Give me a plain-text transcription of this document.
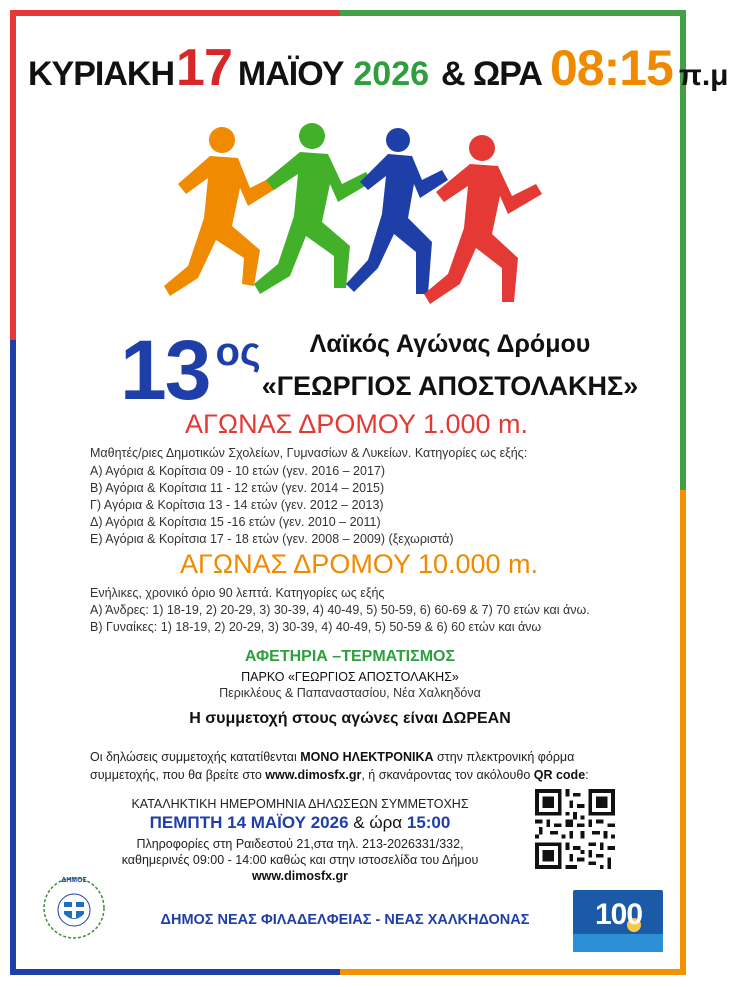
ΚΥΡΙΑΚΗ 17 ΜΑΪΟΥ 2026 & ΩΡΑ 08:15 π.μ
13 ος	Λαϊκός Αγώνας Δρόμου
«ΓΕΩΡΓΙΟΣ ΑΠΟΣΤΟΛΑΚΗΣ»
ΑΓΩΝΑΣ ΔΡΟΜΟΥ 1.000 m.
Μαθητές/ριες Δημοτικών Σχολείων, Γυμνασίων & Λυκείων. Κατηγορίες ως εξής:
Α) Αγόρια & Κορίτσια 09 - 10 ετών (γεν. 2016 – 2017)
Β) Αγόρια & Κορίτσια 11 - 12 ετών (γεν. 2014 – 2015)
Γ) Αγόρια & Κορίτσια 13 - 14 ετών (γεν. 2012 – 2013)
Δ) Αγόρια & Κορίτσια 15 -16 ετών (γεν. 2010 – 2011)
Ε) Αγόρια & Κορίτσια 17 - 18 ετών (γεν. 2008 – 2009) (ξεχωριστά)
ΑΓΩΝΑΣ ΔΡΟΜΟΥ 10.000 m.
Ενήλικες, χρονικό όριο 90 λεπτά. Κατηγορίες ως εξής
Α) Άνδρες: 1) 18-19, 2) 20-29, 3) 30-39, 4) 40-49, 5) 50-59, 6) 60-69 & 7) 70 ετών και άνω.
Β) Γυναίκες: 1) 18-19, 2) 20-29, 3) 30-39, 4) 40-49, 5) 50-59 & 6) 60 ετών και άνω
ΑΦΕΤΗΡΙΑ –ΤΕΡΜΑΤΙΣΜΟΣ
ΠΑΡΚΟ «ΓΕΩΡΓΙΟΣ ΑΠΟΣΤΟΛΑΚΗΣ»
Περικλέους & Παπαναστασίου, Νέα Χαλκηδόνα
Η συμμετοχή στους αγώνες είναι ΔΩΡΕΑΝ
Οι δηλώσεις συμμετοχής κατατίθενται ΜΟΝΟ ΗΛΕΚΤΡΟΝΙΚΑ στην πλεκτρονική φόρμα συμμετοχής, που θα βρείτε στο www.dimosfx.gr, ή σκανάροντας τον ακόλουθο QR code:
ΚΑΤΑΛΗΚΤΙΚΗ ΗΜΕΡΟΜΗΝΙΑ ΔΗΛΩΣΕΩΝ ΣΥΜΜΕΤΟΧΗΣ
ΠΕΜΠΤΗ 14 ΜΑΪΟΥ 2026 & ώρα 15:00
Πληροφορίες στη Ραιδεστού 21,στα τηλ. 213-2026331/332,
καθημερινές 09:00 - 14:00 καθώς και στην ιστοσελίδα του Δήμου
www.dimosfx.gr
ΔΗΜΟΣ
ΔΗΜΟΣ ΝΕΑΣ ΦΙΛΑΔΕΛΦΕΙΑΣ - ΝΕΑΣ ΧΑΛΚΗΔΟΝΑΣ	100
